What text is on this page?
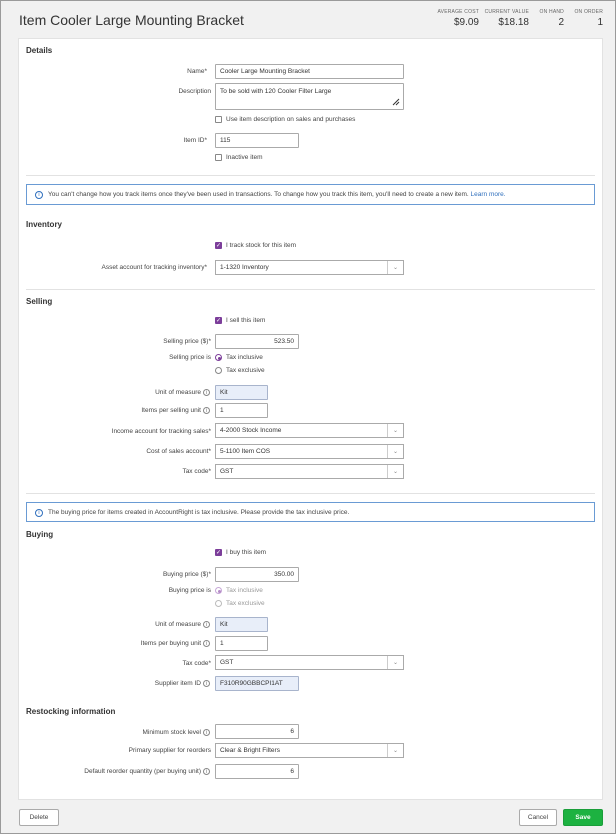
Item Cooler Large Mounting Bracket	AVERAGE COST
$9.09
CURRENT VALUE
$18.18
ON HAND
2
ON ORDER
1
Details
Name*	Cooler Large Mounting Bracket
Description To be sold with 120 Cooler Filter Large
Use item description on sales and purchases
Item ID*	115
Inactive item
i	You can't change how you track items once they've been used in transactions. To change how you track this item, you'll need to create a new item. Learn more.
Inventory
✓ I track stock for this item
Asset account for tracking inventory* 1-1320 Inventory	⌄
Selling
✓ I sell this item
Selling price ($)*	523.50
Selling price is Tax inclusive
Tax exclusive
Unit of measure i	Kit
Items per selling unit i	1
Income account for tracking sales* 4-2000 Stock Income	⌄
Cost of sales account* 5-1100 Item COS	⌄
Tax code* GST	⌄
i	The buying price for items created in AccountRight is tax inclusive. Please provide the tax inclusive price.
Buying
✓ I buy this item
Buying price ($)*	350.00
Buying price is Tax inclusive
Tax exclusive
Unit of measure i	Kit
Items per buying unit i	1
Tax code* GST	⌄
Supplier item ID i	F310R90GBBCPI1AT
Restocking information
Minimum stock level i	6
Primary supplier for reorders Clear & Bright Filters	⌄
Default reorder quantity (per buying unit) i	6
Delete	Cancel	Save
